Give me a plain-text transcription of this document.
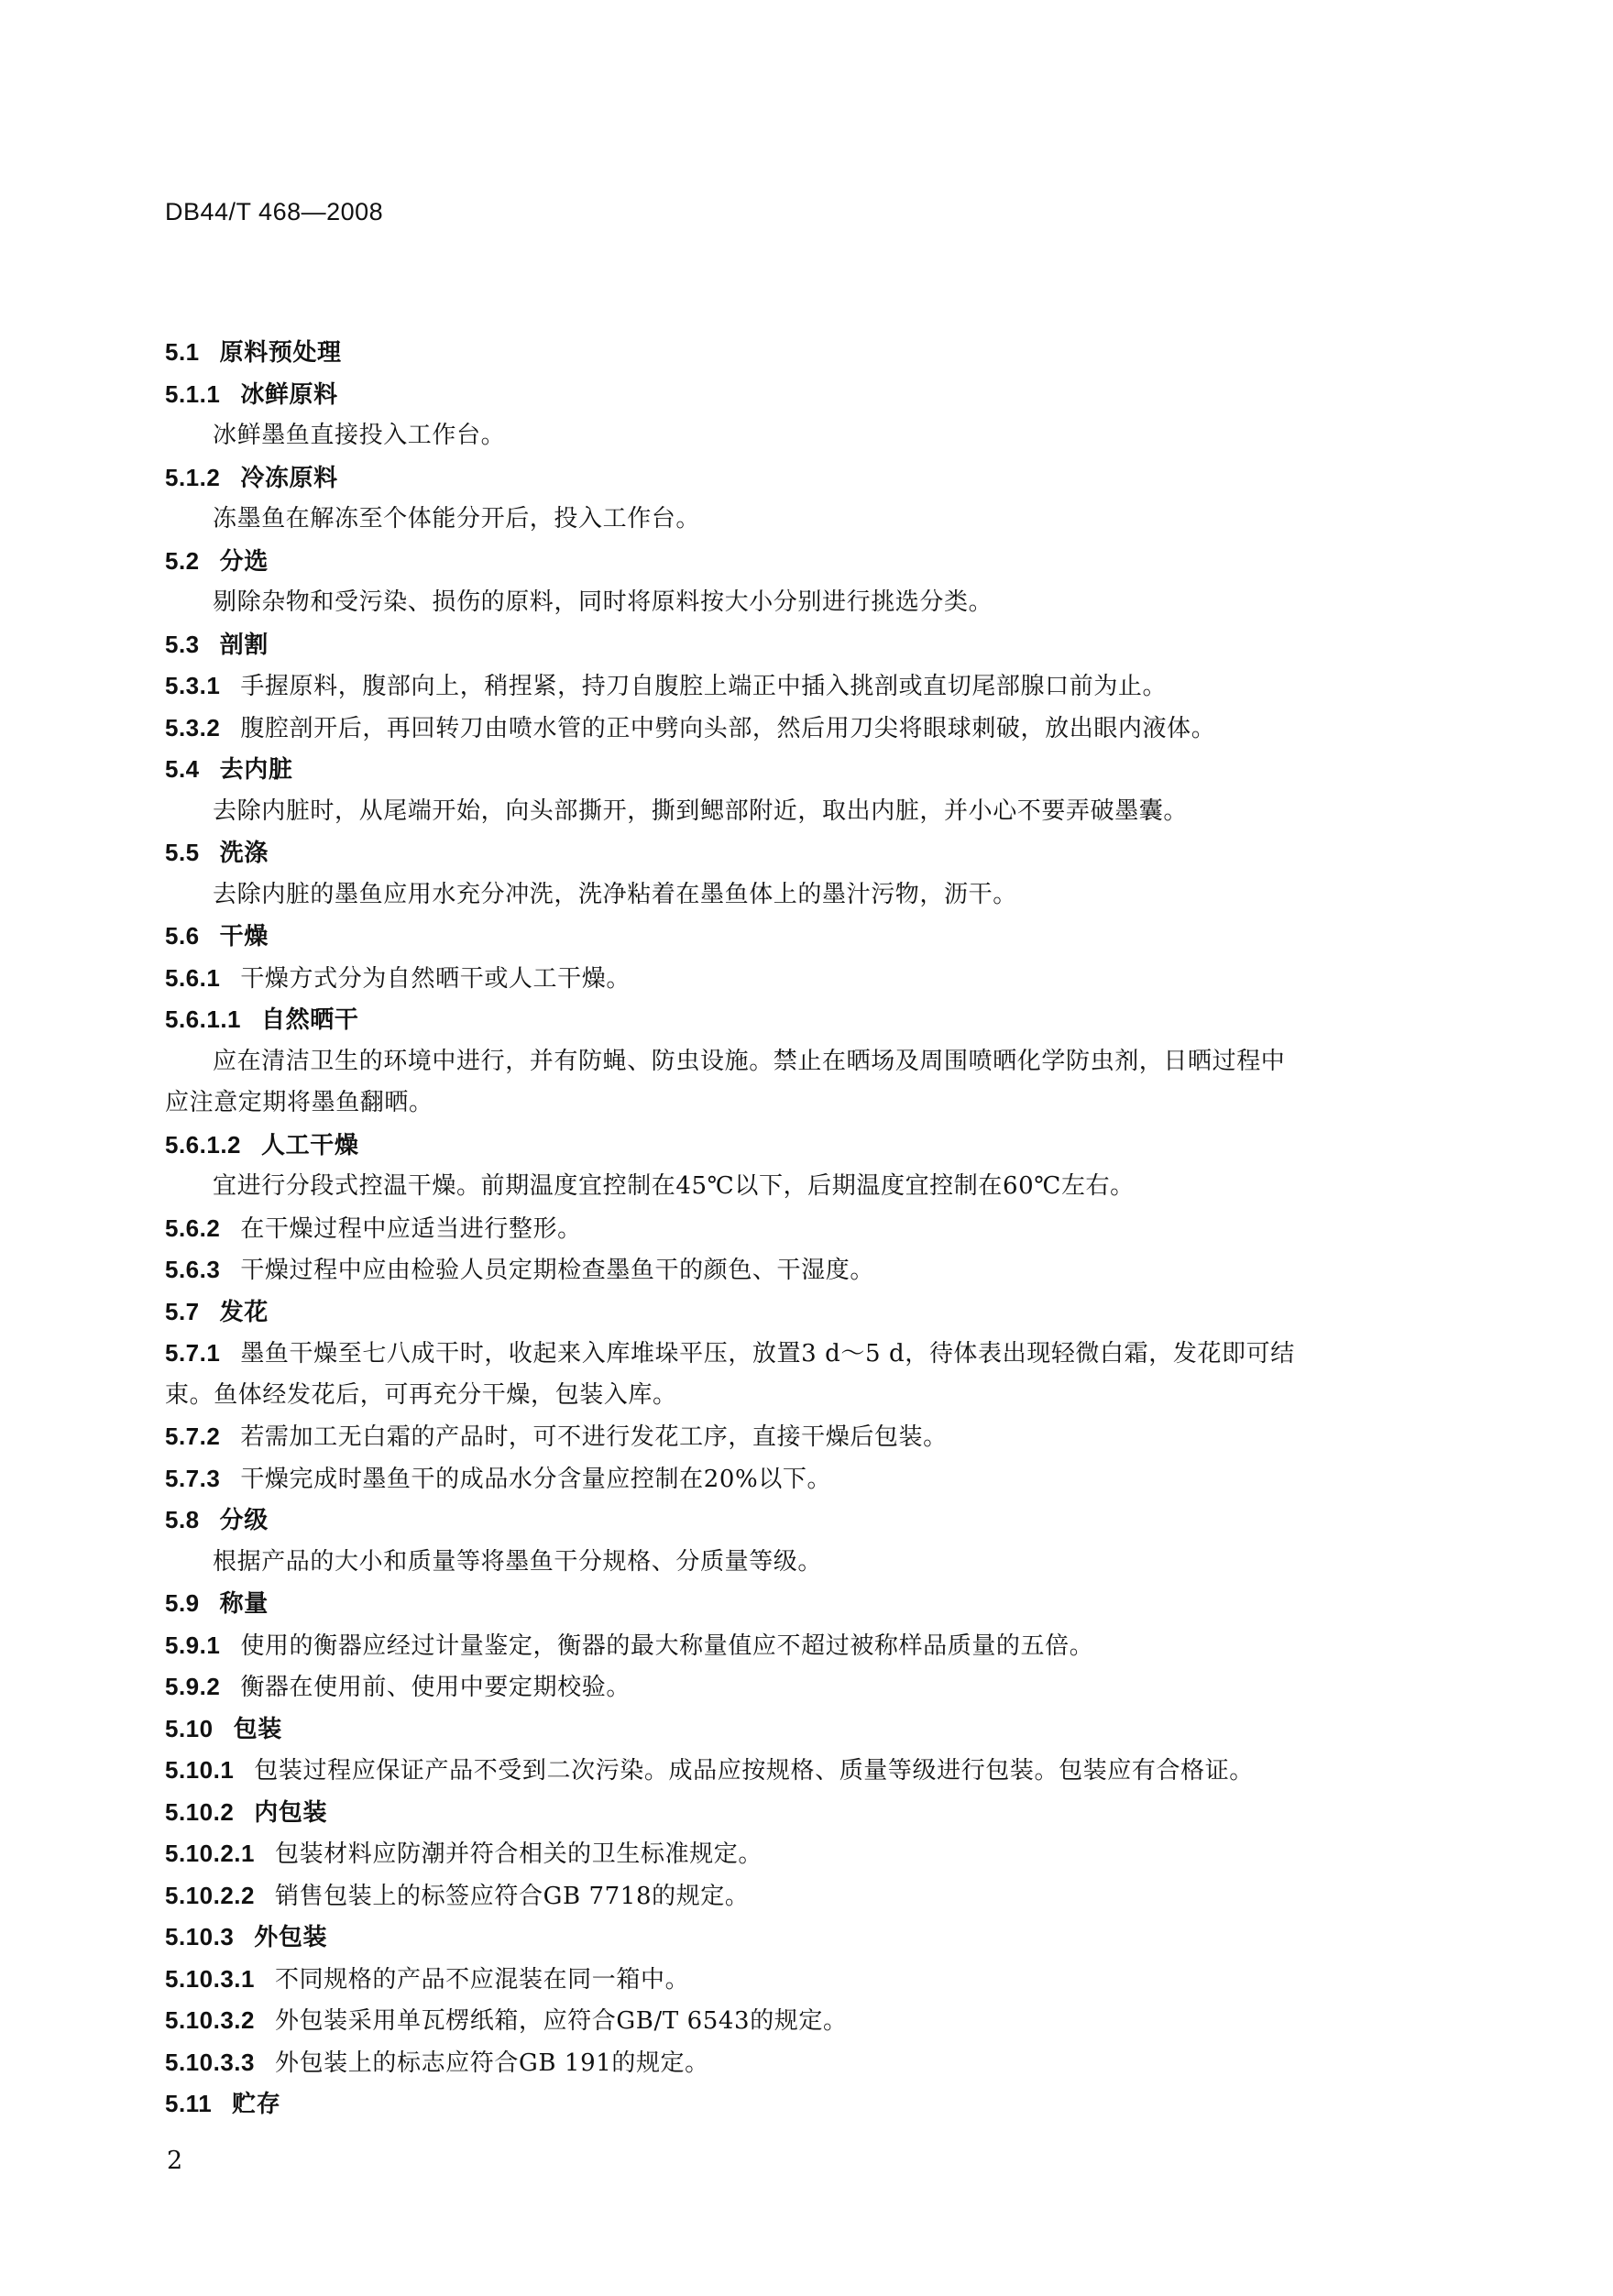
DB44/T 468—2008
5.1 原料预处理
5.1.1 冰鲜原料
冰鲜墨鱼直接投入工作台。
5.1.2 冷冻原料
冻墨鱼在解冻至个体能分开后，投入工作台。
5.2 分选
剔除杂物和受污染、损伤的原料，同时将原料按大小分别进行挑选分类。
5.3 剖割
5.3.1 手握原料，腹部向上，稍捏紧，持刀自腹腔上端正中插入挑剖或直切尾部腺口前为止。
5.3.2 腹腔剖开后，再回转刀由喷水管的正中劈向头部，然后用刀尖将眼球刺破，放出眼内液体。
5.4 去内脏
去除内脏时，从尾端开始，向头部撕开，撕到鳃部附近，取出内脏，并小心不要弄破墨囊。
5.5 洗涤
去除内脏的墨鱼应用水充分冲洗，洗净粘着在墨鱼体上的墨汁污物，沥干。
5.6 干燥
5.6.1 干燥方式分为自然晒干或人工干燥。
5.6.1.1 自然晒干
应在清洁卫生的环境中进行，并有防蝇、防虫设施。禁止在晒场及周围喷晒化学防虫剂，日晒过程中
应注意定期将墨鱼翻晒。
5.6.1.2 人工干燥
宜进行分段式控温干燥。前期温度宜控制在45℃以下，后期温度宜控制在60℃左右。
5.6.2 在干燥过程中应适当进行整形。
5.6.3 干燥过程中应由检验人员定期检查墨鱼干的颜色、干湿度。
5.7 发花
5.7.1 墨鱼干燥至七八成干时，收起来入库堆垛平压，放置3 d～5 d，待体表出现轻微白霜，发花即可结
束。鱼体经发花后，可再充分干燥，包装入库。
5.7.2 若需加工无白霜的产品时，可不进行发花工序，直接干燥后包装。
5.7.3 干燥完成时墨鱼干的成品水分含量应控制在20%以下。
5.8 分级
根据产品的大小和质量等将墨鱼干分规格、分质量等级。
5.9 称量
5.9.1 使用的衡器应经过计量鉴定，衡器的最大称量值应不超过被称样品质量的五倍。
5.9.2 衡器在使用前、使用中要定期校验。
5.10 包装
5.10.1 包装过程应保证产品不受到二次污染。成品应按规格、质量等级进行包装。包装应有合格证。
5.10.2 内包装
5.10.2.1 包装材料应防潮并符合相关的卫生标准规定。
5.10.2.2 销售包装上的标签应符合GB 7718的规定。
5.10.3 外包装
5.10.3.1 不同规格的产品不应混装在同一箱中。
5.10.3.2 外包装采用单瓦楞纸箱，应符合GB/T 6543的规定。
5.10.3.3 外包装上的标志应符合GB 191的规定。
5.11 贮存
2
